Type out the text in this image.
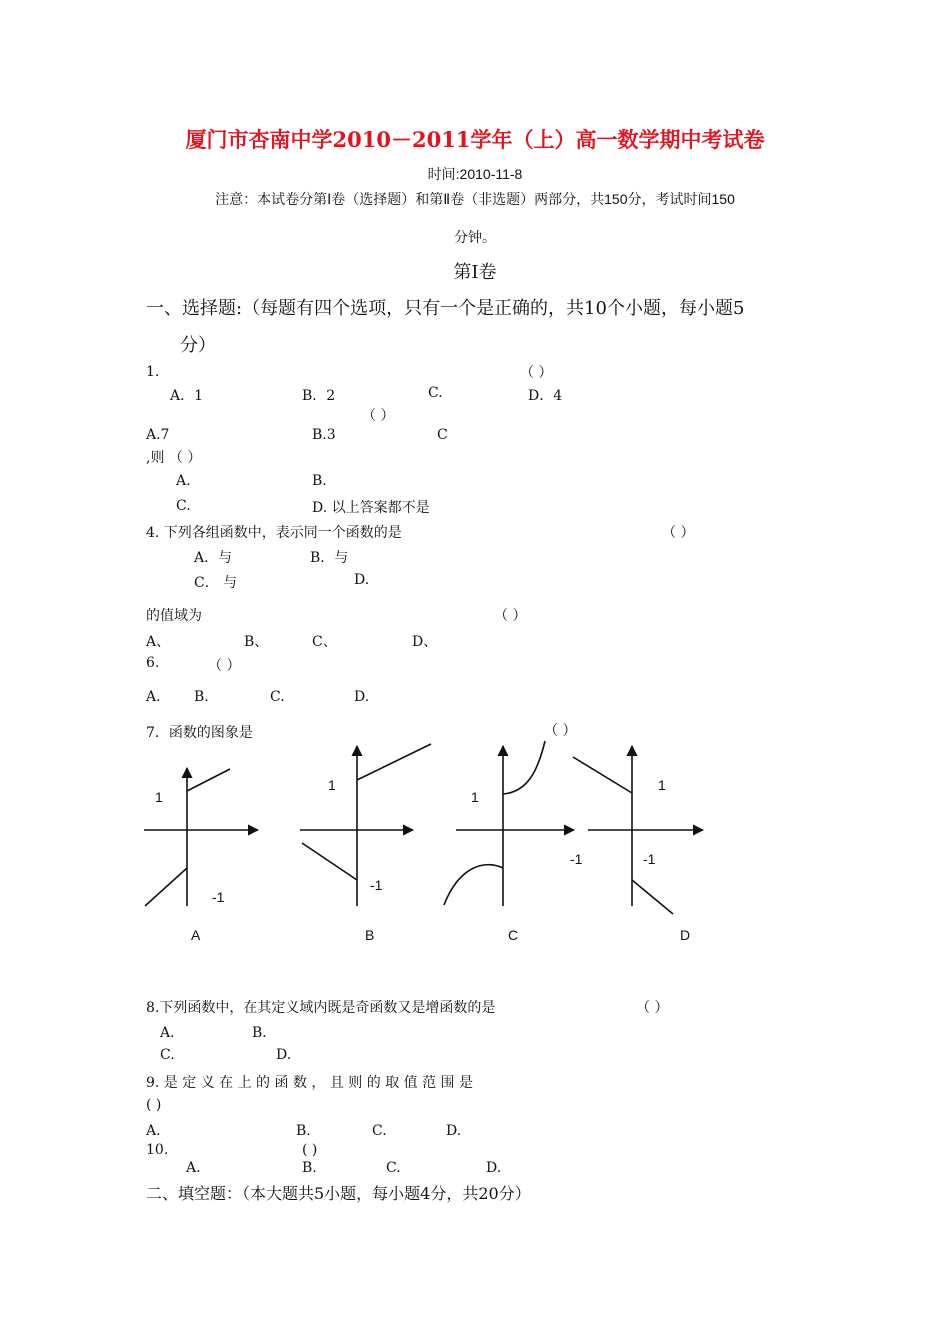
厦门市杏南中学2010－2011学年（上）高一数学期中考试卷
时间:2010-11-8
注意：本试卷分第Ⅰ卷（选择题）和第Ⅱ卷（非选题）两部分，共150分，考试时间150
分钟。
第Ⅰ卷
一、选择题:（每题有四个选项，只有一个是正确的，共10个小题，每小题5
分）
1.	（ ）
A．1	B．2	C.	D．4
（ ）
A.7	B.3	C
,则 （ ）
A.	B.
C.	D. 以上答案都不是
4. 下列各组函数中，表示同一个函数的是	（ ）
A．与	B．与
C． 与	D.
的值域为	（ ）
A、	B、	C、	D、
6.	（ ）
A. B.	C.	D.
7．函数的图象是	（ ）
1
-1
A
1
-1
B
1
-1
C
1
-1
D
8.下列函数中，在其定义域内既是奇函数又是增函数的是	（ ）
A．	B．
C.	D.
9. 是 定 义 在 上 的 函 数 ， 且 则 的 取 值 范 围 是
( )
A.	B.	C.	D.
10.	( )
A.	B.	C.	D.
二、填空题：（本大题共5小题，每小题4分，共20分）
